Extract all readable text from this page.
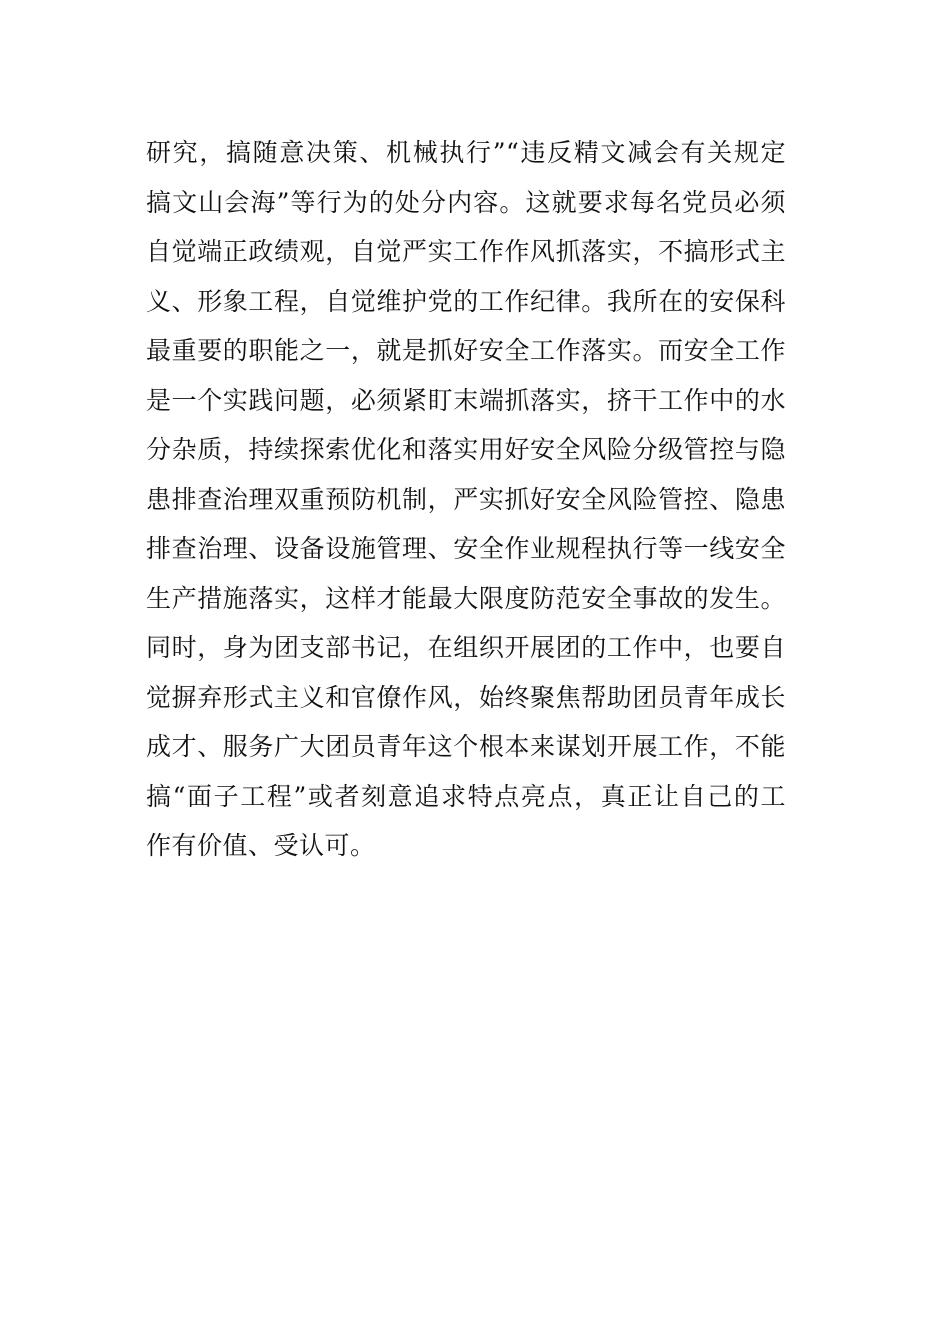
研究，搞随意决策、机械执行”“违反精文减会有关规定
搞文山会海”等行为的处分内容。这就要求每名党员必须
自觉端正政绩观，自觉严实工作作风抓落实，不搞形式主
义、形象工程，自觉维护党的工作纪律。我所在的安保科
最重要的职能之一，就是抓好安全工作落实。而安全工作
是一个实践问题，必须紧盯末端抓落实，挤干工作中的水
分杂质，持续探索优化和落实用好安全风险分级管控与隐
患排查治理双重预防机制，严实抓好安全风险管控、隐患
排查治理、设备设施管理、安全作业规程执行等一线安全
生产措施落实，这样才能最大限度防范安全事故的发生。
同时，身为团支部书记，在组织开展团的工作中，也要自
觉摒弃形式主义和官僚作风，始终聚焦帮助团员青年成长
成才、服务广大团员青年这个根本来谋划开展工作，不能
搞“面子工程”或者刻意追求特点亮点，真正让自己的工
作有价值、受认可。
